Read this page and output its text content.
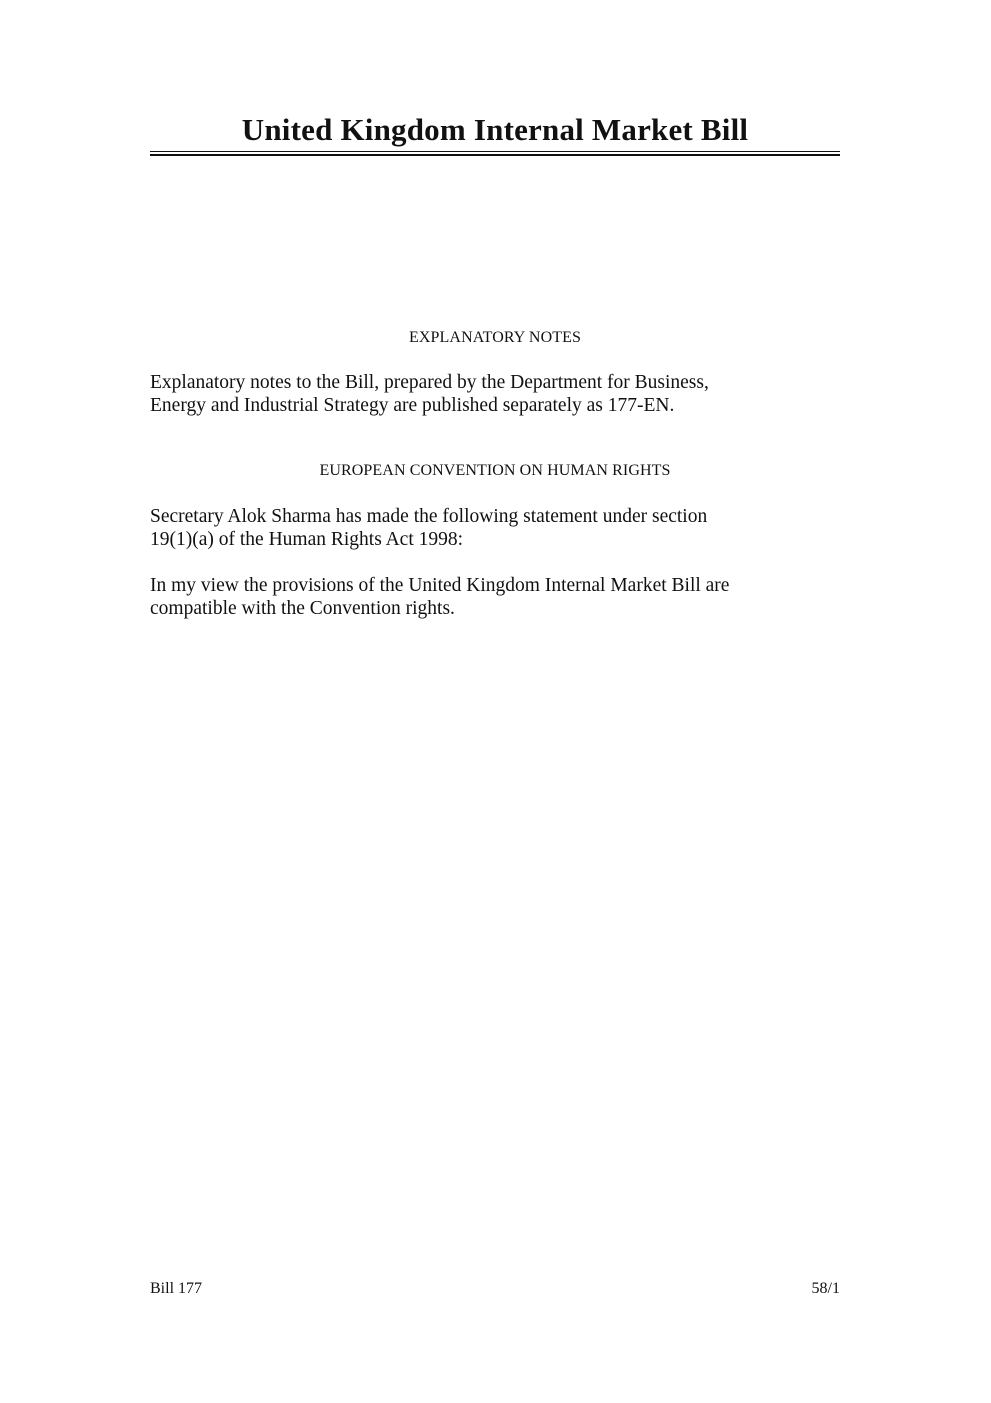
United Kingdom Internal Market Bill
EXPLANATORY NOTES

Explanatory notes to the Bill, prepared by the Department for Business,
Energy and Industrial Strategy are published separately as 177-EN.

EUROPEAN CONVENTION ON HUMAN RIGHTS

Secretary Alok Sharma has made the following statement under section
19(1)(a) of the Human Rights Act 1998:

In my view the provisions of the United Kingdom Internal Market Bill are
compatible with the Convention rights.

Bill 177	58/1
